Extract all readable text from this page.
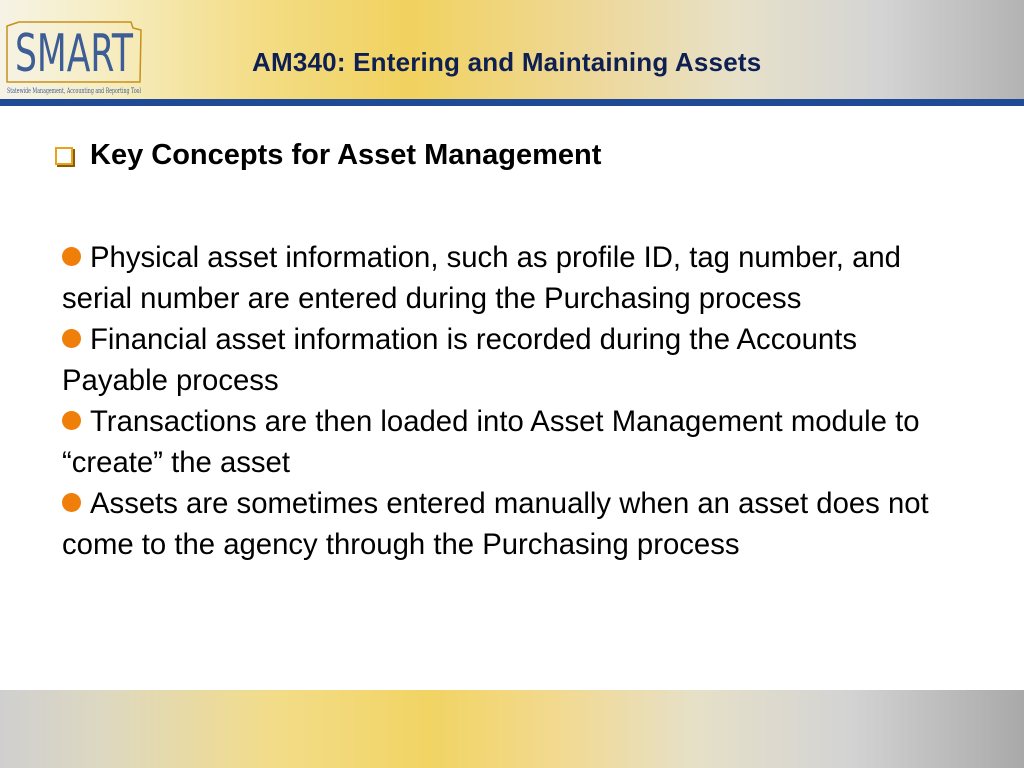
SMART
Statewide Management, Accounting and Reporting Tool
AM340: Entering and Maintaining Assets
Key Concepts for Asset Management
Physical asset information, such as profile ID, tag number, and serial number are entered during the Purchasing process
Financial asset information is recorded during the Accounts Payable process
Transactions are then loaded into Asset Management module to “create” the asset
Assets are sometimes entered manually when an asset does not come to the agency through the Purchasing process
